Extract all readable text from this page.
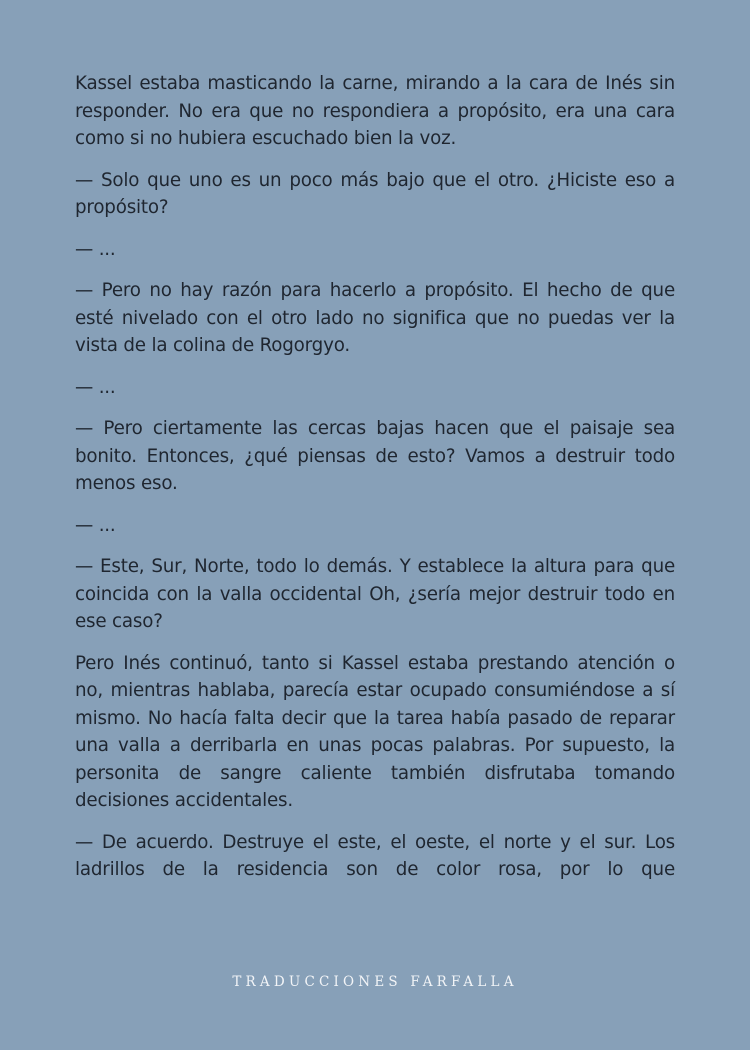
Kassel estaba masticando la carne, mirando a la cara de Inés sin responder. No era que no respondiera a propósito, era una cara como si no hubiera escuchado bien la voz.

— Solo que uno es un poco más bajo que el otro. ¿Hiciste eso a propósito?

— ...

— Pero no hay razón para hacerlo a propósito. El hecho de que esté nivelado con el otro lado no significa que no puedas ver la vista de la colina de Rogorgyo.

— ...

— Pero ciertamente las cercas bajas hacen que el paisaje sea bonito. Entonces, ¿qué piensas de esto? Vamos a destruir todo menos eso.

— ...

— Este, Sur, Norte, todo lo demás. Y establece la altura para que coincida con la valla occidental Oh, ¿sería mejor destruir todo en ese caso?

Pero Inés continuó, tanto si Kassel estaba prestando atención o no, mientras hablaba, parecía estar ocupado consumiéndose a sí mismo. No hacía falta decir que la tarea había pasado de reparar una valla a derribarla en unas pocas palabras. Por supuesto, la personita de sangre caliente también disfrutaba tomando decisiones accidentales.

— De acuerdo. Destruye el este, el oeste, el norte y el sur. Los ladrillos de la residencia son de color rosa, por lo que

TRADUCCIONES FARFALLA
